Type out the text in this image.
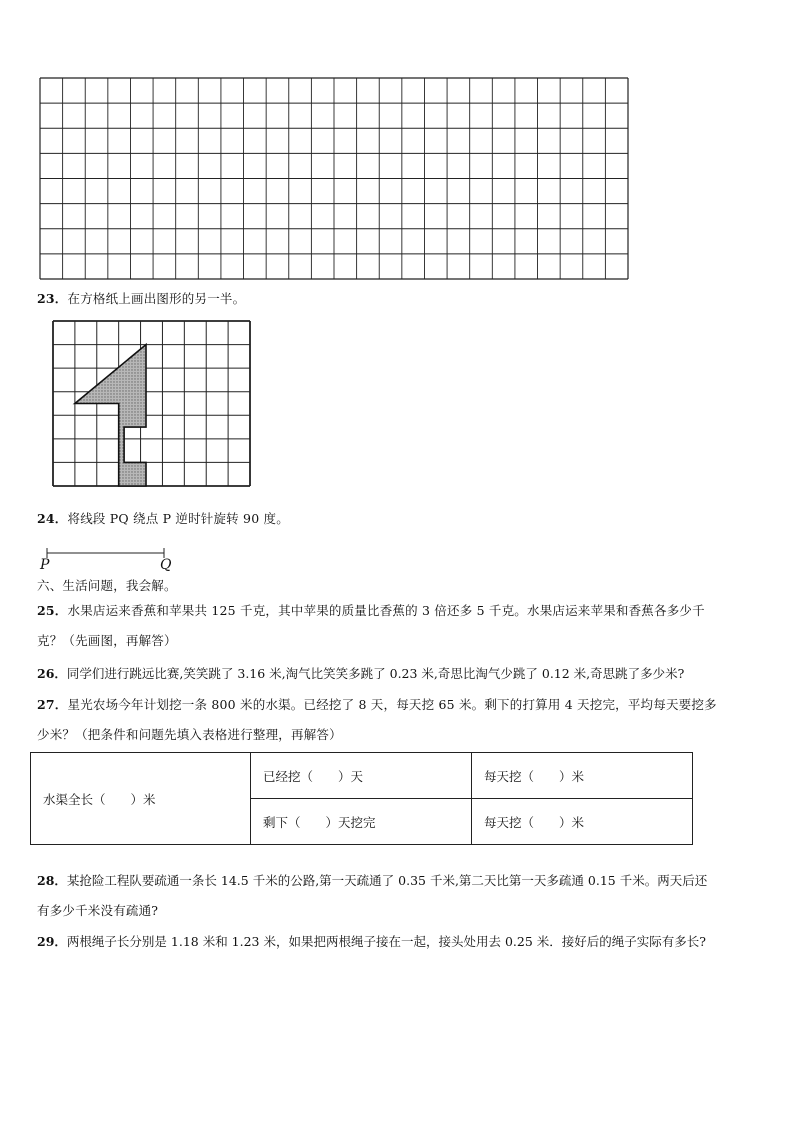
23．在方格纸上画出图形的另一半。
24．将线段 PQ 绕点 P 逆时针旋转 90 度。
P	Q
六、生活问题，我会解。
25．水果店运来香蕉和苹果共 125 千克，其中苹果的质量比香蕉的 3 倍还多 5 千克。水果店运来苹果和香蕉各多少千
克？（先画图，再解答）
26．同学们进行跳远比赛,笑笑跳了 3.16 米,淘气比笑笑多跳了 0.23 米,奇思比淘气少跳了 0.12 米,奇思跳了多少米?
27．星光农场今年计划挖一条 800 米的水渠。已经挖了 8 天，每天挖 65 米。剩下的打算用 4 天挖完，平均每天要挖多
少米？（把条件和问题先填入表格进行整理，再解答）
水渠全长（　　）米	已经挖（　　）天	每天挖（　　）米
	剩下（　　）天挖完	每天挖（　　）米
28．某抢险工程队要疏通一条长 14.5 千米的公路,第一天疏通了 0.35 千米,第二天比第一天多疏通 0.15 千米。两天后还
有多少千米没有疏通?
29．两根绳子长分别是 1.18 米和 1.23 米，如果把两根绳子接在一起，接头处用去 0.25 米．接好后的绳子实际有多长?
